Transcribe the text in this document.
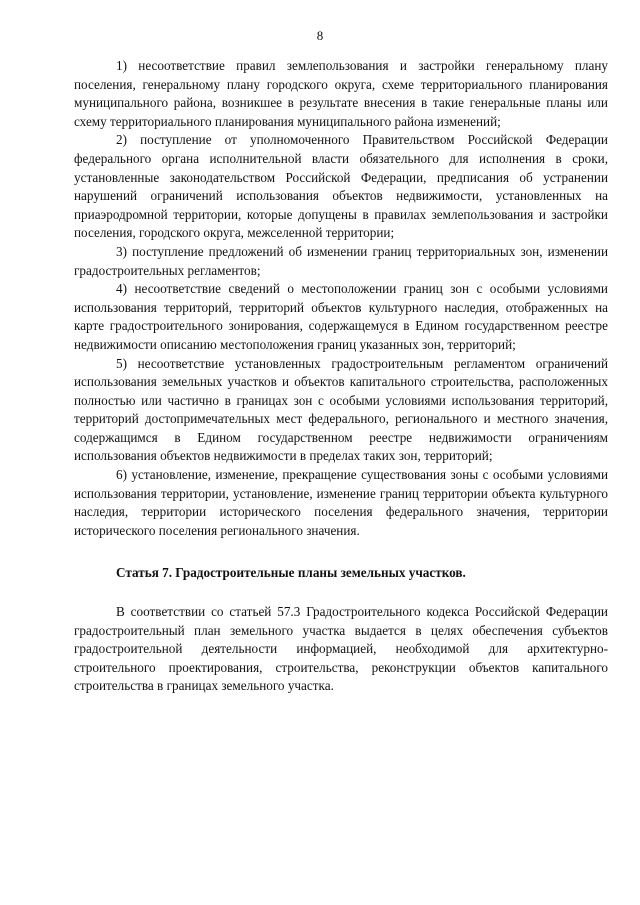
8

1) несоответствие правил землепользования и застройки генеральному плану поселения, генеральному плану городского округа, схеме территориального планирования муниципального района, возникшее в результате внесения в такие генеральные планы или схему территориального планирования муниципального района изменений;

2) поступление от уполномоченного Правительством Российской Федерации федерального органа исполнительной власти обязательного для исполнения в сроки, установленные законодательством Российской Федерации, предписания об устранении нарушений ограничений использования объектов недвижимости, установленных на приаэродромной территории, которые допущены в правилах землепользования и застройки поселения, городского округа, межселенной территории;

3) поступление предложений об изменении границ территориальных зон, изменении градостроительных регламентов;

4) несоответствие сведений о местоположении границ зон с особыми условиями использования территорий, территорий объектов культурного наследия, отображенных на карте градостроительного зонирования, содержащемуся в Едином государственном реестре недвижимости описанию местоположения границ указанных зон, территорий;

5) несоответствие установленных градостроительным регламентом ограничений использования земельных участков и объектов капитального строительства, расположенных полностью или частично в границах зон с особыми условиями использования территорий, территорий достопримечательных мест федерального, регионального и местного значения, содержащимся в Едином государственном реестре недвижимости ограничениям использования объектов недвижимости в пределах таких зон, территорий;

6) установление, изменение, прекращение существования зоны с особыми условиями использования территории, установление, изменение границ территории объекта культурного наследия, территории исторического поселения федерального значения, территории исторического поселения регионального значения.

Статья 7. Градостроительные планы земельных участков.

В соответствии со статьей 57.3 Градостроительного кодекса Российской Федерации градостроительный план земельного участка выдается в целях обеспечения субъектов градостроительной деятельности информацией, необходимой для архитектурно-строительного проектирования, строительства, реконструкции объектов капитального строительства в границах земельного участка.
